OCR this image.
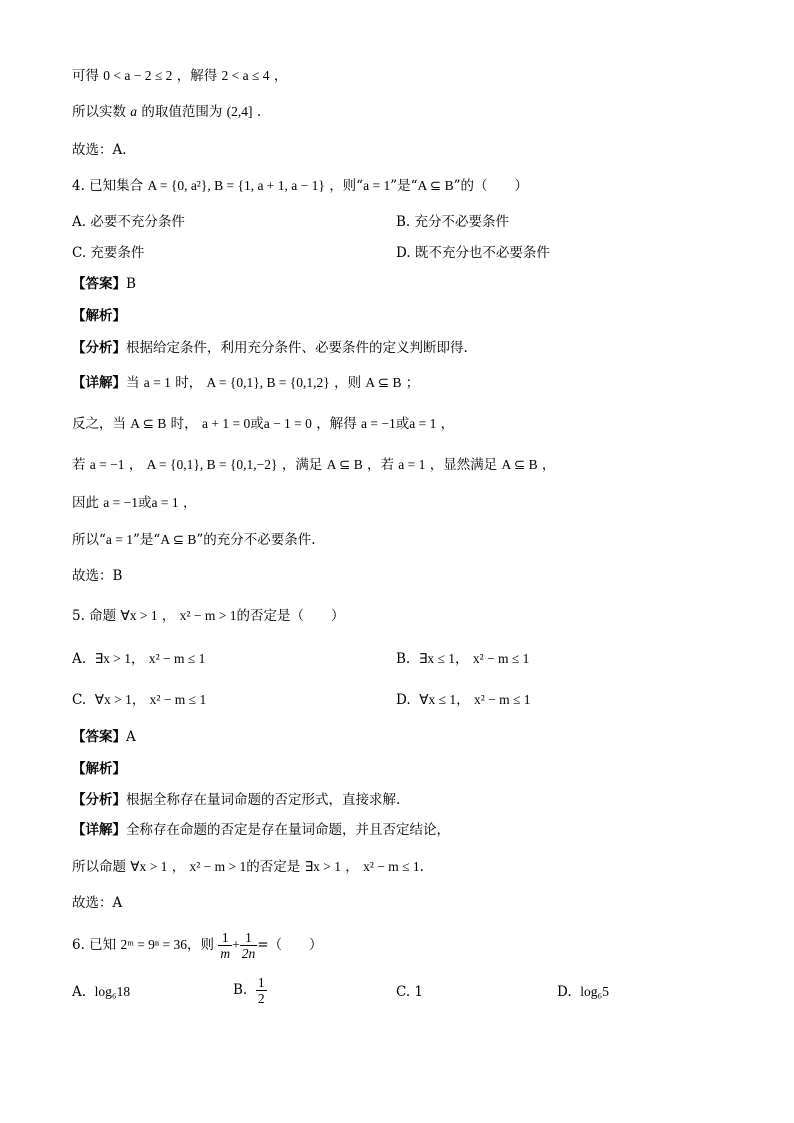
可得 0 < a − 2 ≤ 2 ，解得 2 < a ≤ 4 ，
所以实数 a 的取值范围为 (2,4] .
故选：A.
4. 已知集合 A = {0, a²}, B = {1, a + 1, a − 1} ，则“a = 1”是“A ⊆ B”的（　　）
A. 必要不充分条件	B. 充分不必要条件
C. 充要条件	D. 既不充分也不必要条件
【答案】B
【解析】
【分析】根据给定条件，利用充分条件、必要条件的定义判断即得.
【详解】当 a = 1 时， A = {0,1}, B = {0,1,2} ，则 A ⊆ B ；
反之，当 A ⊆ B 时， a + 1 = 0或a − 1 = 0 ，解得 a = −1或a = 1 ，
若 a = −1 ， A = {0,1}, B = {0,1,−2} ，满足 A ⊆ B ，若 a = 1 ，显然满足 A ⊆ B ，
因此 a = −1或a = 1 ，
所以“a = 1”是“A ⊆ B”的充分不必要条件.
故选：B
5. 命题 ∀x > 1 ， x² − m > 1的否定是（　　）
A. ∃x > 1， x² − m ≤ 1	B. ∃x ≤ 1， x² − m ≤ 1
C. ∀x > 1， x² − m ≤ 1	D. ∀x ≤ 1， x² − m ≤ 1
【答案】A
【解析】
【分析】根据全称存在量词命题的否定形式，直接求解.
【详解】全称存在命题的否定是存在量词命题，并且否定结论，
所以命题 ∀x > 1 ， x² − m > 1的否定是 ∃x > 1 ， x² − m ≤ 1.
故选：A
6. 已知 2ᵐ = 9ⁿ = 36，则 $\frac{1}{m} + \frac{1}{2n}$ =（　　）
A. log₆18	B. $\frac{1}{2}$	C. 1	D. log₆5
